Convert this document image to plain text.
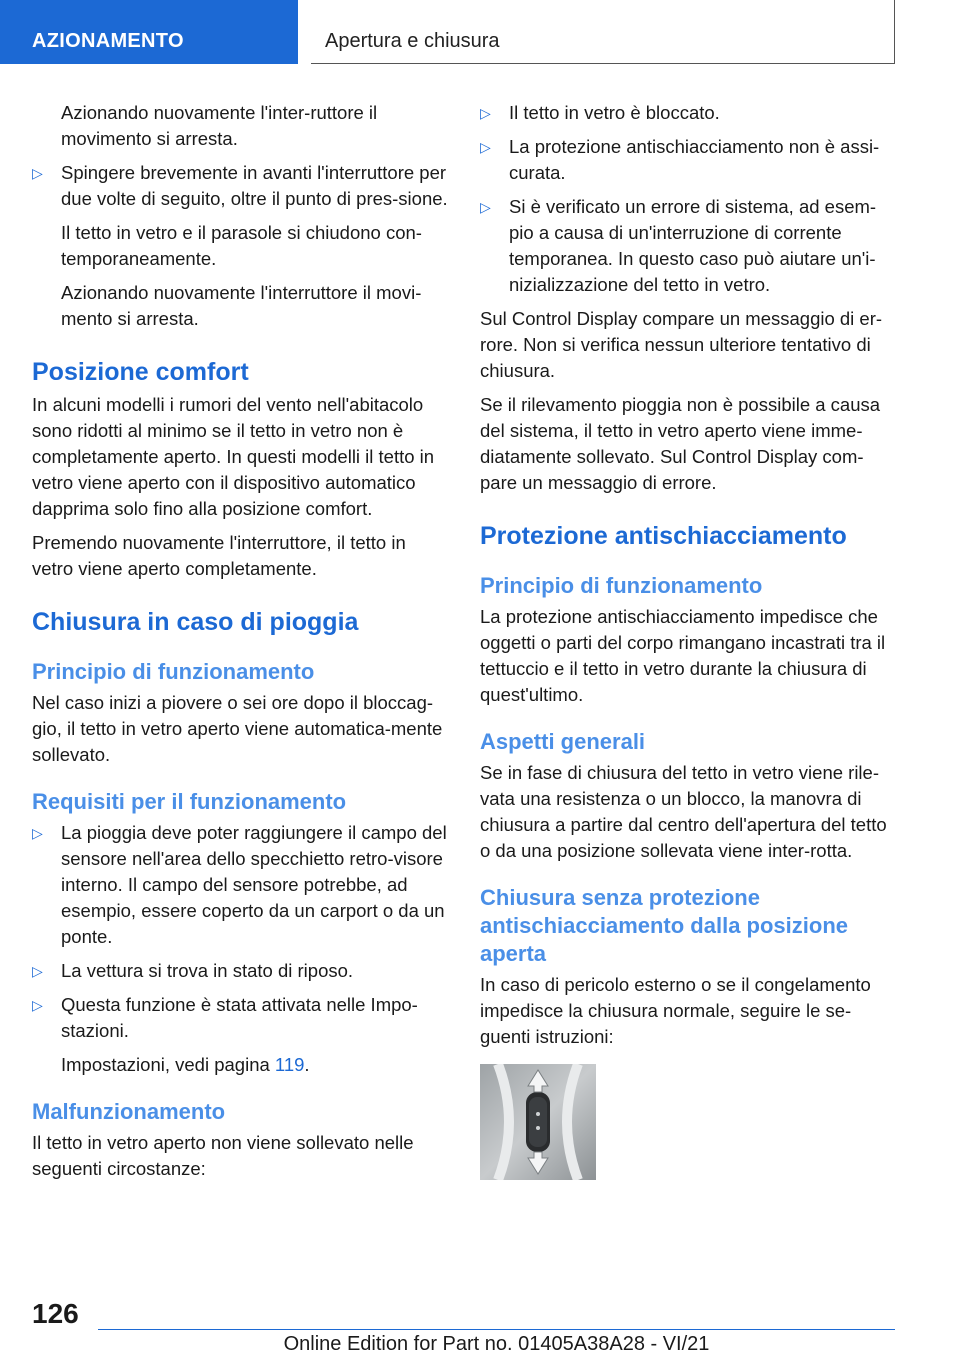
AZIONAMENTO	Apertura e chiusura

Azionando nuovamente l'inter-ruttore il movimento si arresta.

▷ Spingere brevemente in avanti l'interruttore per due volte di seguito, oltre il punto di pres-sione.

Il tetto in vetro e il parasole si chiudono con-temporaneamente.

Azionando nuovamente l'interruttore il movi-mento si arresta.

Posizione comfort

In alcuni modelli i rumori del vento nell'abitacolo sono ridotti al minimo se il tetto in vetro non è completamente aperto. In questi modelli il tetto in vetro viene aperto con il dispositivo automatico dapprima solo fino alla posizione comfort.

Premendo nuovamente l'interruttore, il tetto in vetro viene aperto completamente.

Chiusura in caso di pioggia
Principio di funzionamento

Nel caso inizi a piovere o sei ore dopo il bloccag-gio, il tetto in vetro aperto viene automatica-mente sollevato.

Requisiti per il funzionamento
▷ La pioggia deve poter raggiungere il campo del sensore nell'area dello specchietto retro-visore interno. Il campo del sensore potrebbe, ad esempio, essere coperto da un carport o da un ponte.
▷ La vettura si trova in stato di riposo.
▷ Questa funzione è stata attivata nelle Impo-stazioni.

Impostazioni, vedi pagina 119.

Malfunzionamento

Il tetto in vetro aperto non viene sollevato nelle seguenti circostanze:

▷ Il tetto in vetro è bloccato.
▷ La protezione antischiacciamento non è assi-curata.
▷ Si è verificato un errore di sistema, ad esem-pio a causa di un'interruzione di corrente temporanea. In questo caso può aiutare un'i-nizializzazione del tetto in vetro.

Sul Control Display compare un messaggio di er-rore. Non si verifica nessun ulteriore tentativo di chiusura.

Se il rilevamento pioggia non è possibile a causa del sistema, il tetto in vetro aperto viene imme-diatamente sollevato. Sul Control Display com-pare un messaggio di errore.

Protezione antischiacciamento
Principio di funzionamento

La protezione antischiacciamento impedisce che oggetti o parti del corpo rimangano incastrati tra il tettuccio e il tetto in vetro durante la chiusura di quest'ultimo.

Aspetti generali

Se in fase di chiusura del tetto in vetro viene rile-vata una resistenza o un blocco, la manovra di chiusura a partire dal centro dell'apertura del tetto o da una posizione sollevata viene inter-rotta.

Chiusura senza protezione antischiacciamento dalla posizione aperta

In caso di pericolo esterno o se il congelamento impedisce la chiusura normale, seguire le se-guenti istruzioni:

126
Online Edition for Part no. 01405A38A28 - VI/21
